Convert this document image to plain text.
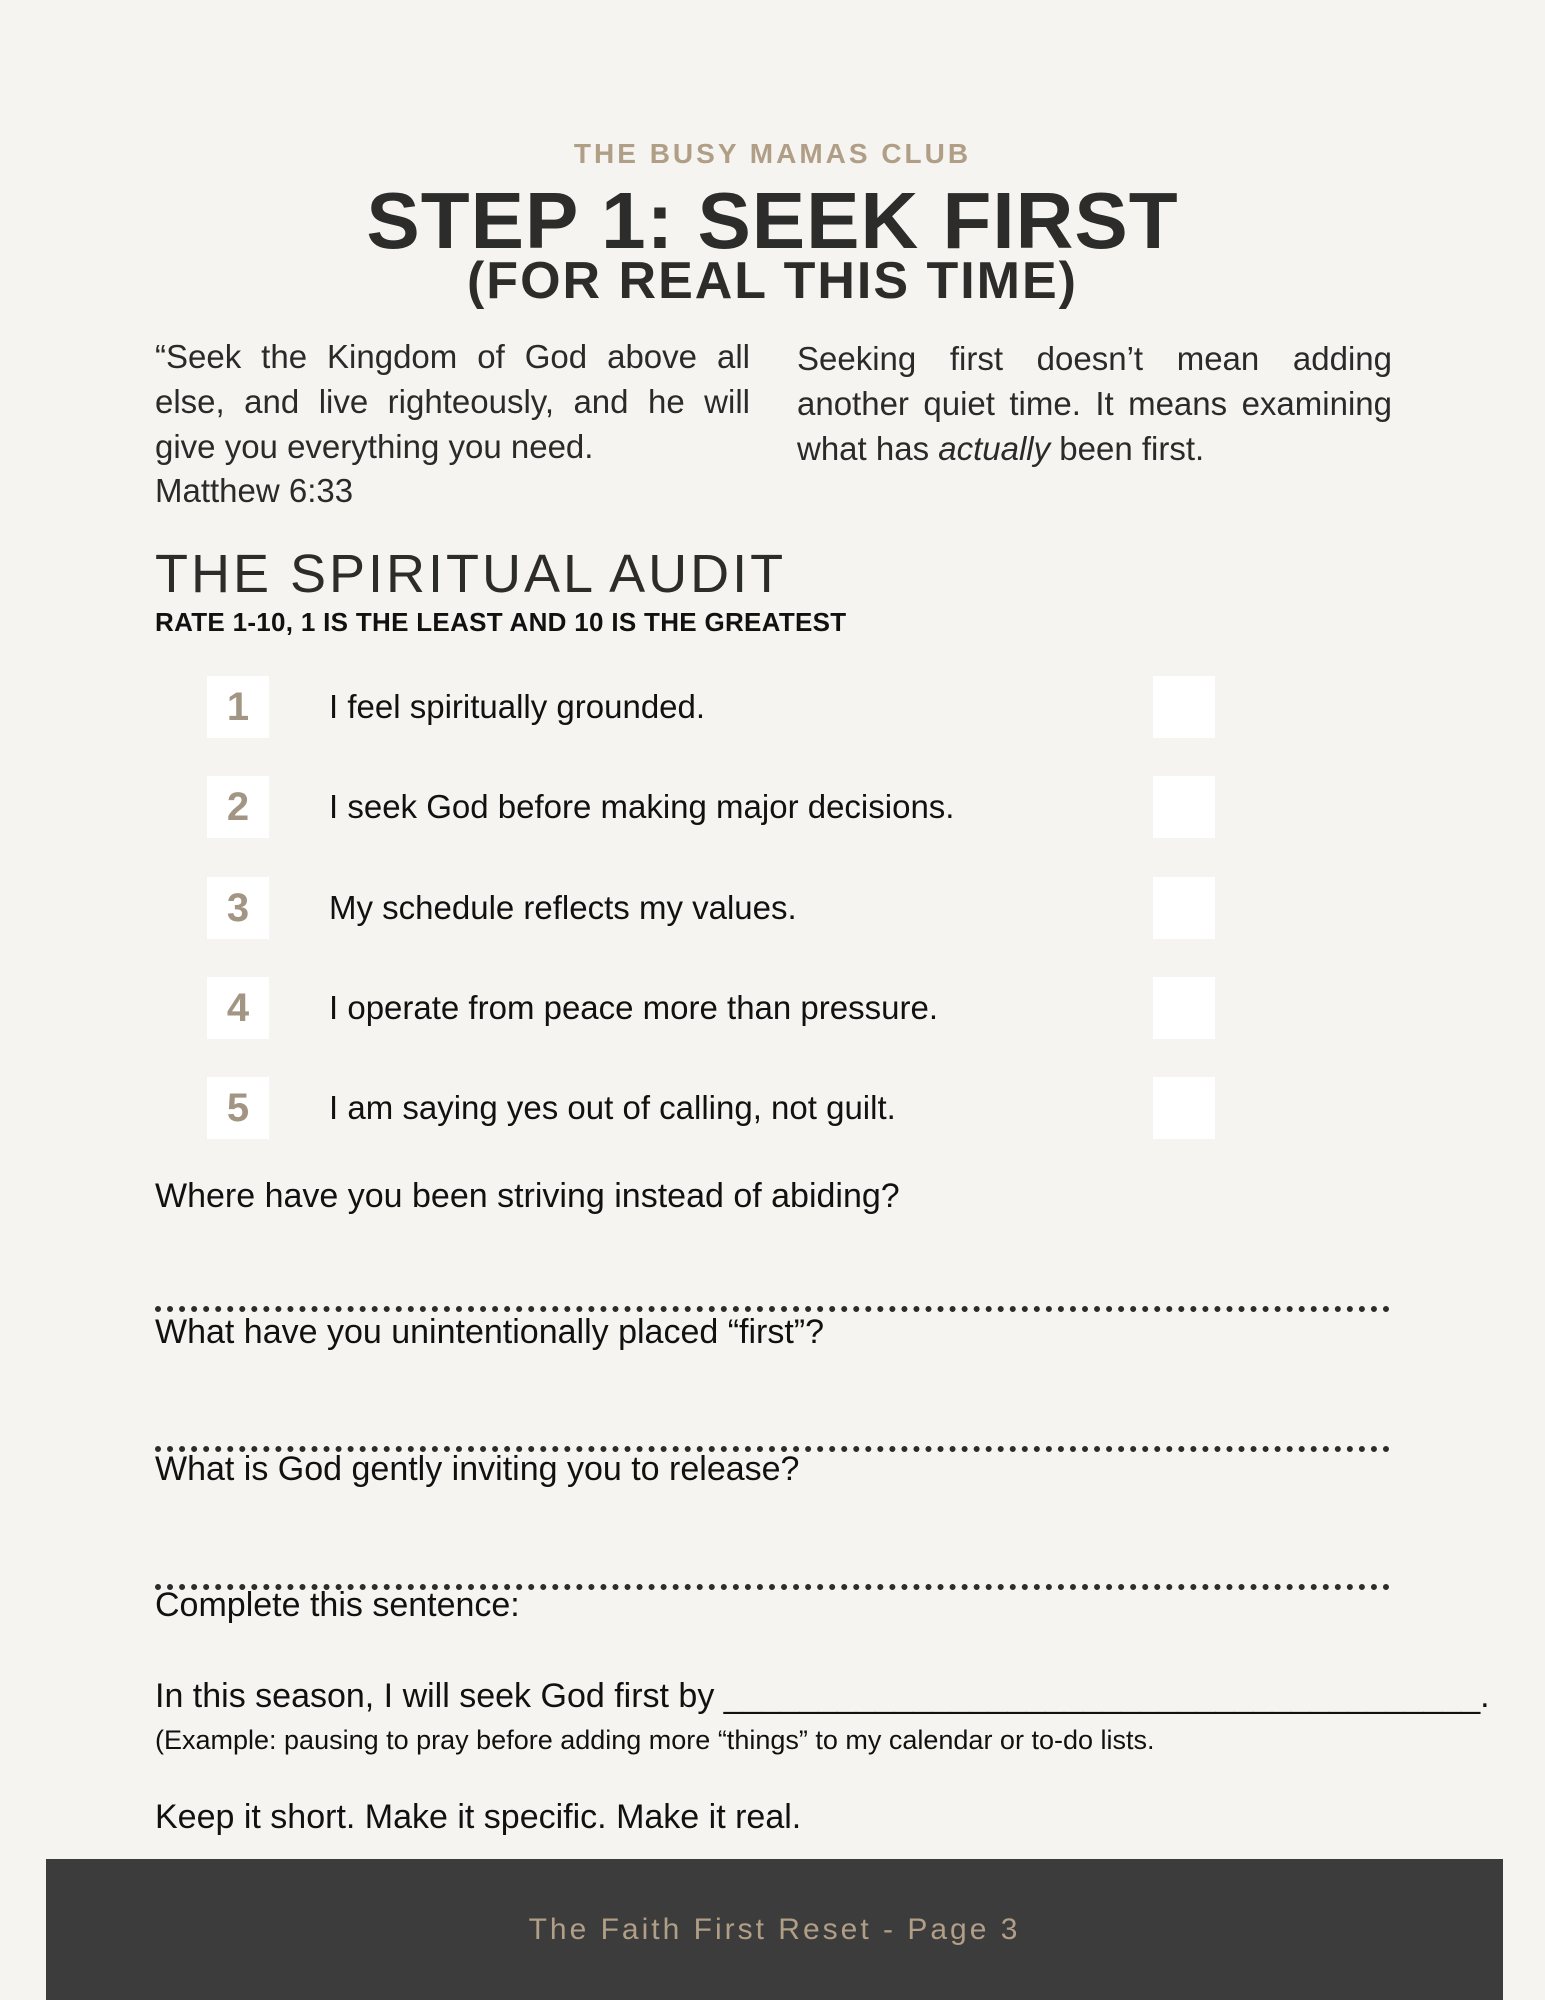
THE BUSY MAMAS CLUB
STEP 1: SEEK FIRST
(FOR REAL THIS TIME)
“Seek the Kingdom of God above all else, and live righteously, and he will give you everything you need.
Matthew 6:33
Seeking first doesn’t mean adding another quiet time. It means examining what has actually been first.
THE SPIRITUAL AUDIT
RATE 1-10, 1 IS THE LEAST AND 10 IS THE GREATEST
1	I feel spiritually grounded.
2	I seek God before making major decisions.
3	My schedule reflects my values.
4	I operate from peace more than pressure.
5	I am saying yes out of calling, not guilt.
Where have you been striving instead of abiding?
What have you unintentionally placed “first”?
What is God gently inviting you to release?
Complete this sentence:
In this season, I will seek God first by ________________________________________.
(Example: pausing to pray before adding more “things” to my calendar or to-do lists.
Keep it short. Make it specific. Make it real.
The Faith First Reset - Page 3
